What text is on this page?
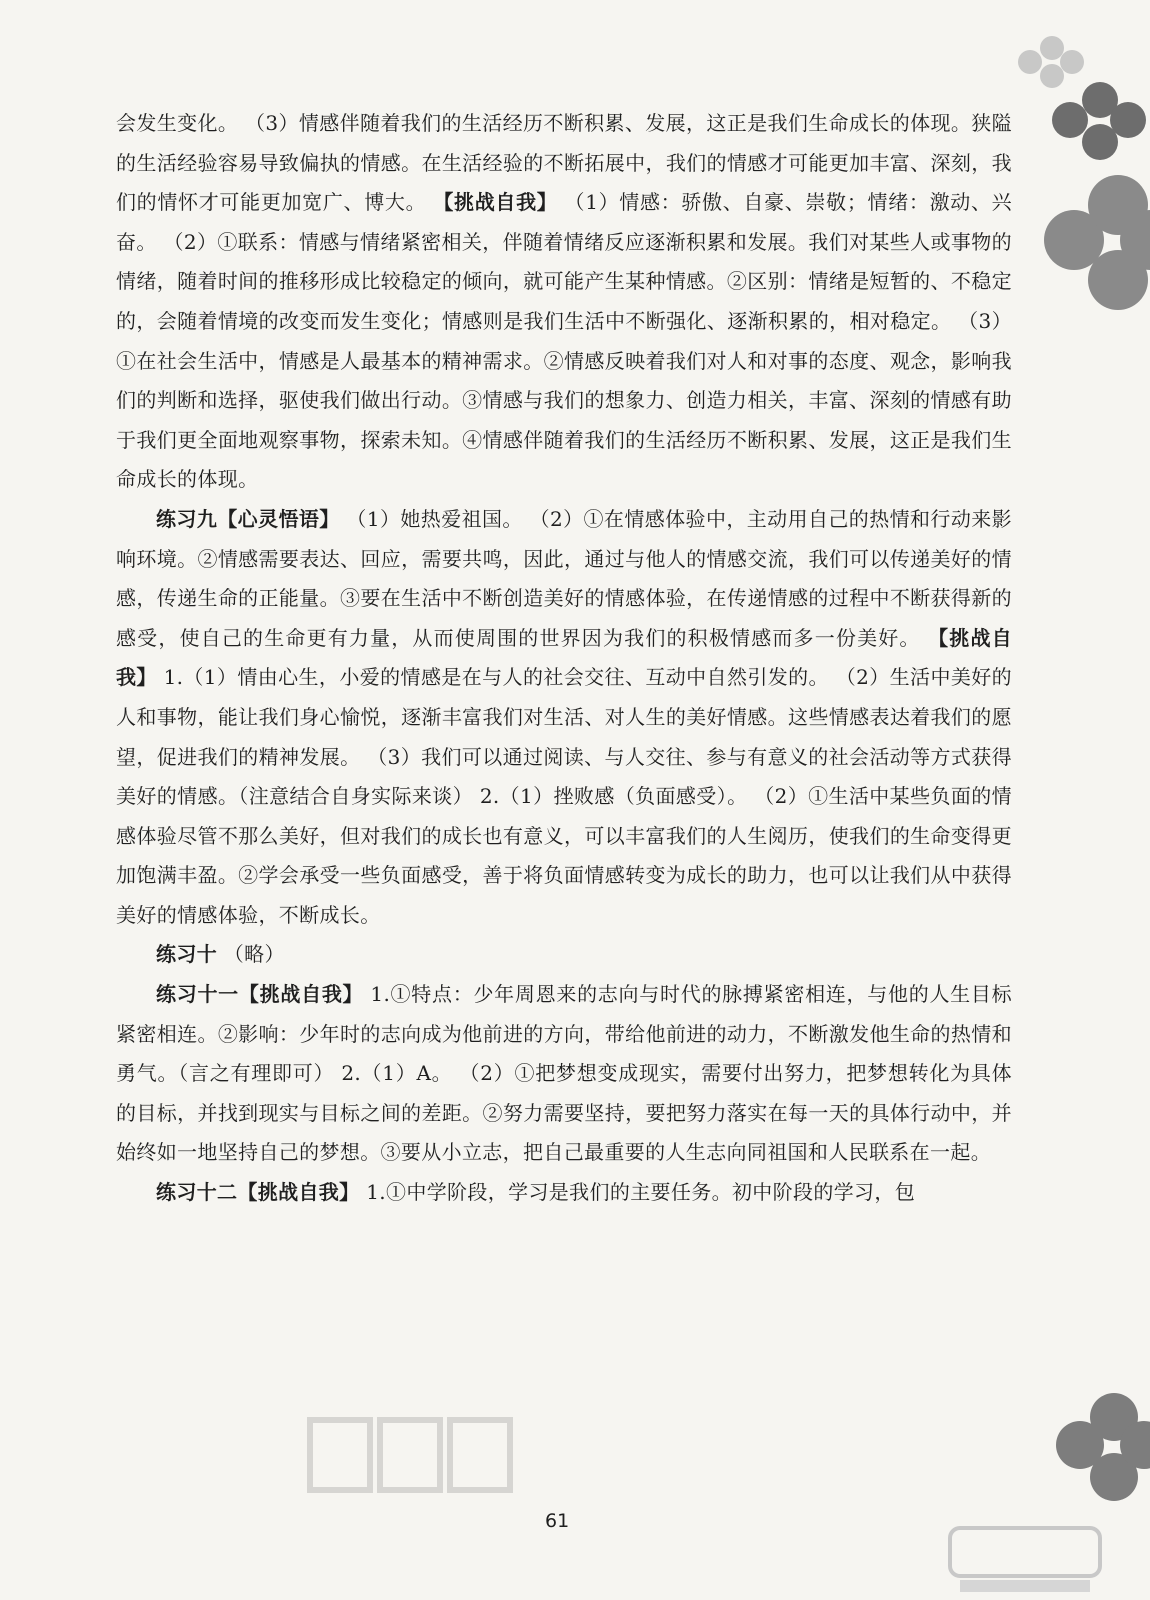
会发生变化。 （3）情感伴随着我们的生活经历不断积累、发展，这正是我们生命成长的体现。狭隘的生活经验容易导致偏执的情感。在生活经验的不断拓展中，我们的情感才可能更加丰富、深刻，我们的情怀才可能更加宽广、博大。 【挑战自我】 （1）情感：骄傲、自豪、崇敬；情绪：激动、兴奋。 （2）①联系：情感与情绪紧密相关，伴随着情绪反应逐渐积累和发展。我们对某些人或事物的情绪，随着时间的推移形成比较稳定的倾向，就可能产生某种情感。②区别：情绪是短暂的、不稳定的，会随着情境的改变而发生变化；情感则是我们生活中不断强化、逐渐积累的，相对稳定。 （3）①在社会生活中，情感是人最基本的精神需求。②情感反映着我们对人和对事的态度、观念，影响我们的判断和选择，驱使我们做出行动。③情感与我们的想象力、创造力相关，丰富、深刻的情感有助于我们更全面地观察事物，探索未知。④情感伴随着我们的生活经历不断积累、发展，这正是我们生命成长的体现。

练习九【心灵悟语】 （1）她热爱祖国。 （2）①在情感体验中，主动用自己的热情和行动来影响环境。②情感需要表达、回应，需要共鸣，因此，通过与他人的情感交流，我们可以传递美好的情感，传递生命的正能量。③要在生活中不断创造美好的情感体验，在传递情感的过程中不断获得新的感受，使自己的生命更有力量，从而使周围的世界因为我们的积极情感而多一份美好。 【挑战自我】 1.（1）情由心生，小爱的情感是在与人的社会交往、互动中自然引发的。 （2）生活中美好的人和事物，能让我们身心愉悦，逐渐丰富我们对生活、对人生的美好情感。这些情感表达着我们的愿望，促进我们的精神发展。 （3）我们可以通过阅读、与人交往、参与有意义的社会活动等方式获得美好的情感。（注意结合自身实际来谈） 2.（1）挫败感（负面感受）。 （2）①生活中某些负面的情感体验尽管不那么美好，但对我们的成长也有意义，可以丰富我们的人生阅历，使我们的生命变得更加饱满丰盈。②学会承受一些负面感受，善于将负面情感转变为成长的助力，也可以让我们从中获得美好的情感体验，不断成长。

练习十 （略）

练习十一【挑战自我】 1.①特点：少年周恩来的志向与时代的脉搏紧密相连，与他的人生目标紧密相连。②影响：少年时的志向成为他前进的方向，带给他前进的动力，不断激发他生命的热情和勇气。（言之有理即可） 2.（1）A。 （2）①把梦想变成现实，需要付出努力，把梦想转化为具体的目标，并找到现实与目标之间的差距。②努力需要坚持，要把努力落实在每一天的具体行动中，并始终如一地坚持自己的梦想。③要从小立志，把自己最重要的人生志向同祖国和人民联系在一起。

练习十二【挑战自我】 1.①中学阶段，学习是我们的主要任务。初中阶段的学习，包

61
